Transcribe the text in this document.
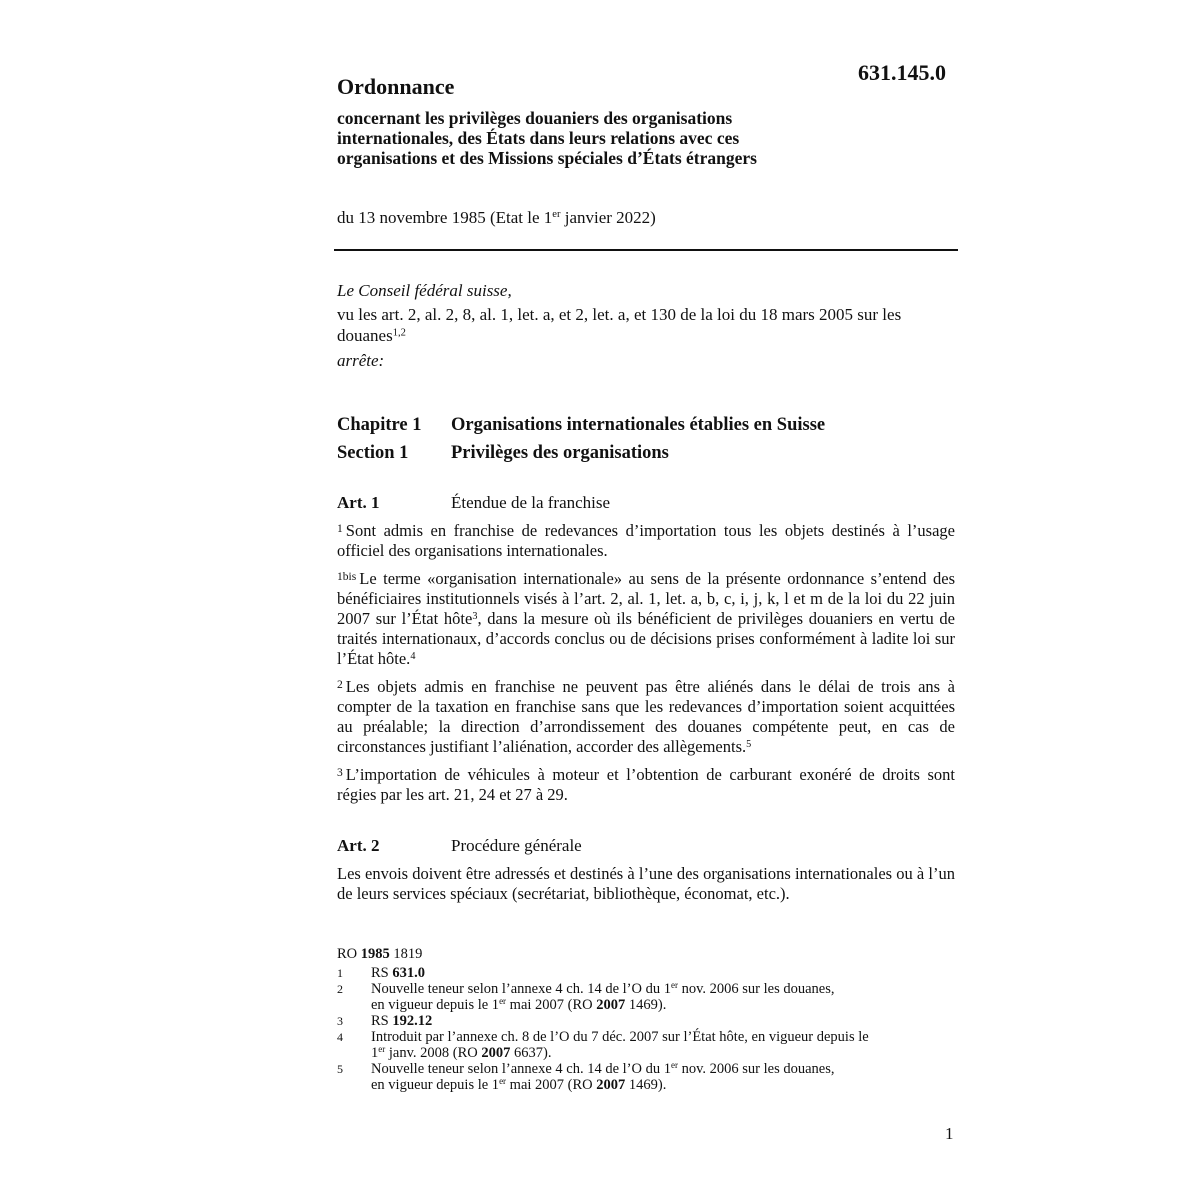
631.145.0
Ordonnance
concernant les privilèges douaniers des organisations
internationales, des États dans leurs relations avec ces
organisations et des Missions spéciales d’États étrangers
du 13 novembre 1985 (Etat le 1er janvier 2022)

Le Conseil fédéral suisse,

vu les art. 2, al. 2, 8, al. 1, let. a, et 2, let. a, et 130 de la loi du 18 mars 2005 sur les douanes$^{1,2}$

arrête:

Chapitre 1 Organisations internationales établies en Suisse
Section 1 Privilèges des organisations
Art. 1	Étendue de la franchise

$^1$ Sont admis en franchise de redevances d’importation tous les objets destinés à l’usage officiel des organisations internationales.

$^{1bis}$ Le terme «organisation internationale» au sens de la présente ordonnance s’entend des bénéficiaires institutionnels visés à l’art. 2, al. 1, let. a, b, c, i, j, k, l et m de la loi du 22 juin 2007 sur l’État hôte$^3$, dans la mesure où ils bénéficient de privilèges douaniers en vertu de traités internationaux, d’accords conclus ou de décisions prises conformément à ladite loi sur l’État hôte.$^4$

$^2$ Les objets admis en franchise ne peuvent pas être aliénés dans le délai de trois ans à compter de la taxation en franchise sans que les redevances d’importation soient acquittées au préalable; la direction d’arrondissement des douanes compétente peut, en cas de circonstances justifiant l’aliénation, accorder des allègements.$^5$

$^3$ L’importation de véhicules à moteur et l’obtention de carburant exonéré de droits sont régies par les art. 21, 24 et 27 à 29.

Art. 2	Procédure générale

Les envois doivent être adressés et destinés à l’une des organisations internationales ou à l’un de leurs services spéciaux (secrétariat, bibliothèque, économat, etc.).

RO 1985 1819
1	RS 631.0
2	Nouvelle teneur selon l’annexe 4 ch. 14 de l’O du 1er nov. 2006 sur les douanes,
en vigueur depuis le 1er mai 2007 (RO 2007 1469).
3	RS 192.12
4	Introduit par l’annexe ch. 8 de l’O du 7 déc. 2007 sur l’État hôte, en vigueur depuis le
1er janv. 2008 (RO 2007 6637).
5	Nouvelle teneur selon l’annexe 4 ch. 14 de l’O du 1er nov. 2006 sur les douanes,
en vigueur depuis le 1er mai 2007 (RO 2007 1469).
1
